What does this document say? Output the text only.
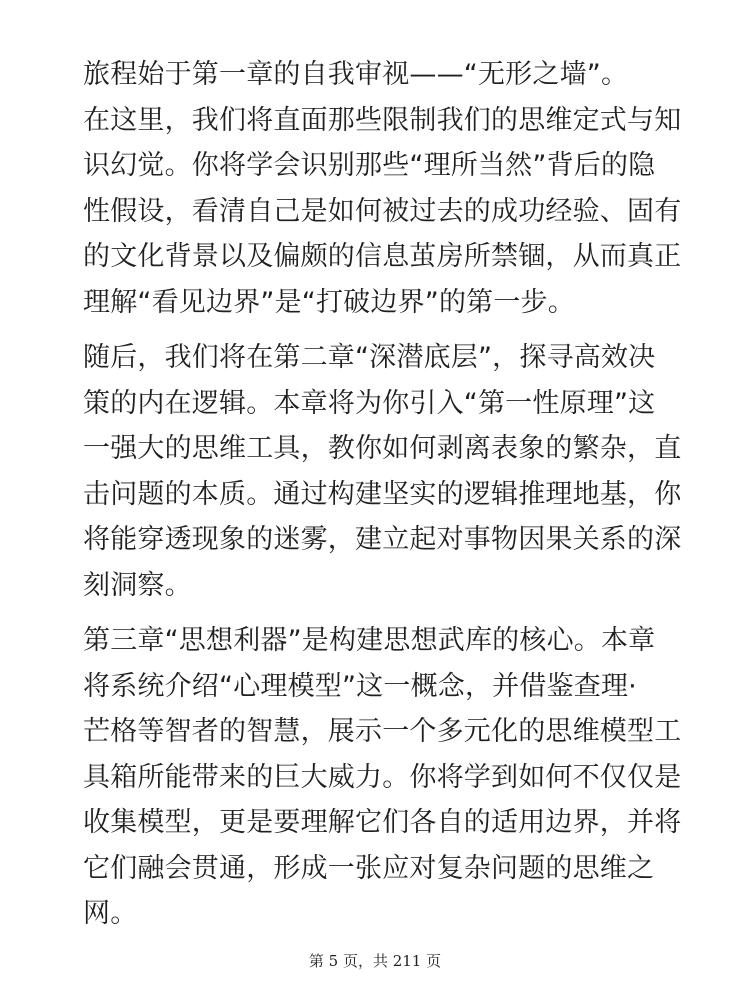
旅程始于第一章的自我审视——“无形之墙”。
在这里，我们将直面那些限制我们的思维定式与知
识幻觉。你将学会识别那些“理所当然”背后的隐
性假设，看清自己是如何被过去的成功经验、固有
的文化背景以及偏颇的信息茧房所禁锢，从而真正
理解“看见边界”是“打破边界”的第一步。

随后，我们将在第二章“深潜底层”，探寻高效决
策的内在逻辑。本章将为你引入“第一性原理”这
一强大的思维工具，教你如何剥离表象的繁杂，直
击问题的本质。通过构建坚实的逻辑推理地基，你
将能穿透现象的迷雾，建立起对事物因果关系的深
刻洞察。

第三章“思想利器”是构建思想武库的核心。本章
将系统介绍“心理模型”这一概念，并借鉴查理·
芒格等智者的智慧，展示一个多元化的思维模型工
具箱所能带来的巨大威力。你将学到如何不仅仅是
收集模型，更是要理解它们各自的适用边界，并将
它们融会贯通，形成一张应对复杂问题的思维之
网。

第 5 页，共 211 页
